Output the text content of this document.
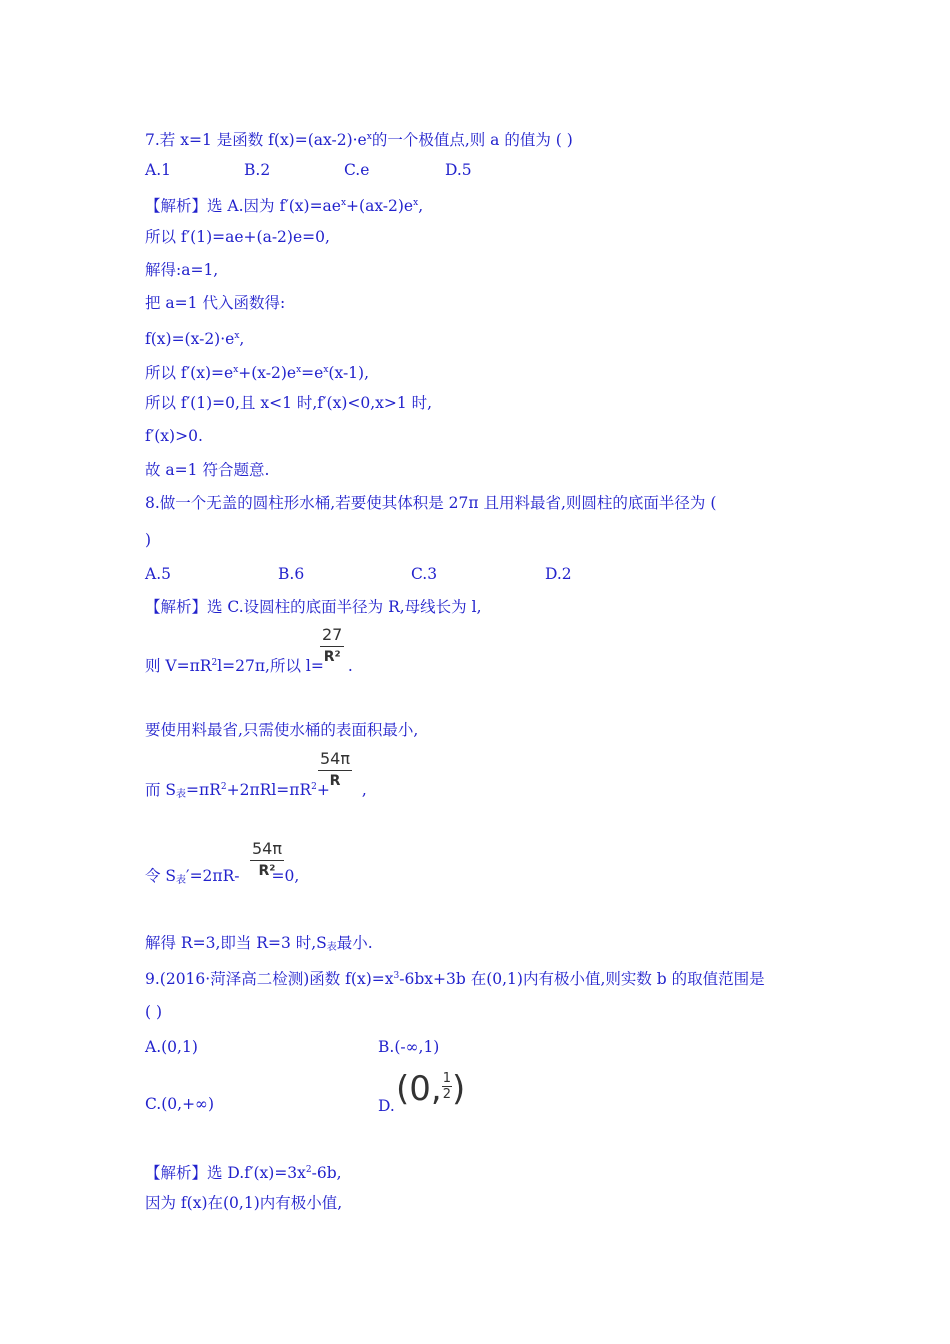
7.若 x=1 是函数 $f(x)=(ax-2)\cdot e^x$的一个极值点,则 a 的值为 ( )
A.1	B.2	C.e	D.5
【解析】选 A.因为 $f'(x)=ae^x+(ax-2)e^x$,
所以 f′(1)=ae+(a-2)e=0,
解得:a=1,
把 a=1 代入函数得:
$f(x)=(x-2)\cdot e^x$,
所以 $f'(x)=e^x+(x-2)e^x=e^x(x-1)$,
所以 f′(1)=0,且 x<1 时,f′(x)<0,x>1 时,
f′(x)>0.
故 a=1 符合题意.
8.做一个无盖的圆柱形水桶,若要使其体积是 27π 且用料最省,则圆柱的底面半径为 (
)
A.5	B.6	C.3	D.2
【解析】选 C.设圆柱的底面半径为 R,母线长为 l,
则 $V=\pi R^2l=27\pi$,所以 l= .
$\frac{27}{\text{R²}}$
要使用料最省,只需使水桶的表面积最小,
而 $S_表=\pi R^2+2\pi Rl=\pi R^2+$ ,
$\frac{54\pi}{R}$
令 $S_表'=2\pi R- =0$,
$\frac{54\pi}{\text{R²}}$
解得 R=3,即当 R=3 时$,S_表$最小.
9.(2016·菏泽高二检测)函数 $f(x)=x^3-6bx+3b$ 在(0,1)内有极小值,则实数 b 的取值范围是
( )
A.(0,1)	B.(-∞,1)
C.(0,+∞)	D. (0, $\frac{1}{2}$ )
【解析】选 $D.f'(x)=3x^2-6b$,
因为 f(x)在(0,1)内有极小值,
